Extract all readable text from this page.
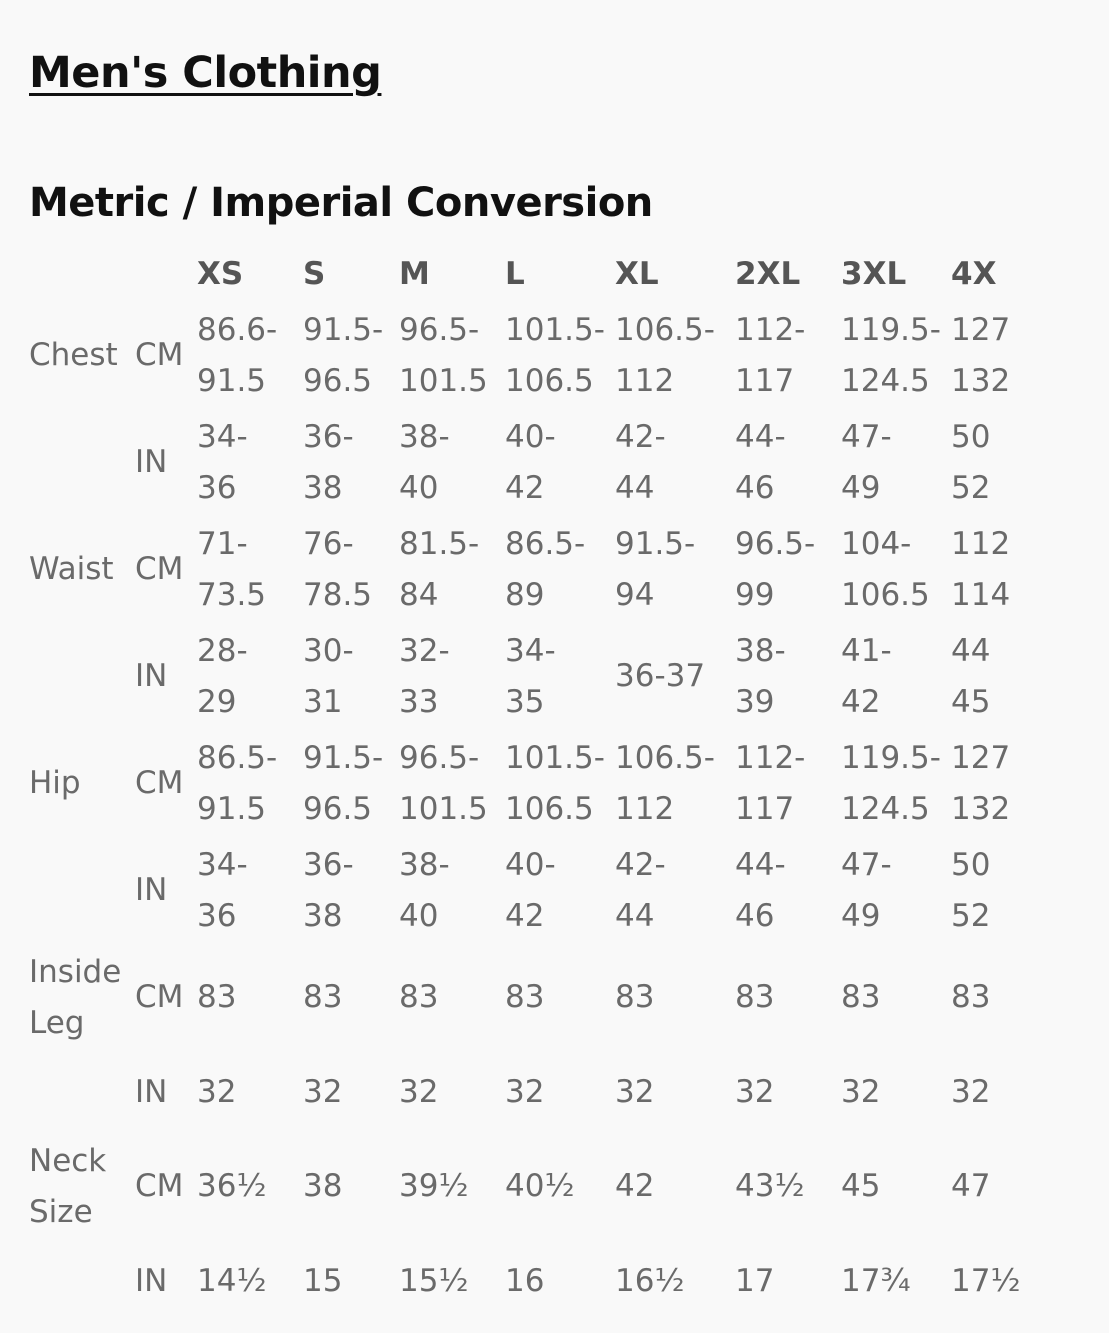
Men's Clothing
Metric / Imperial Conversion
		XS	S	M	L	XL	2XL	3XL	4X
Chest	CM	86.6- 91.5	91.5- 96.5	96.5- 101.5	101.5- 106.5	106.5- 112	112- 117	119.5- 124.5	127 132
	IN	34- 36	36- 38	38- 40	40- 42	42- 44	44- 46	47- 49	50 52
Waist	CM	71- 73.5	76- 78.5	81.5- 84	86.5- 89	91.5- 94	96.5- 99	104- 106.5	112 114
	IN	28- 29	30- 31	32- 33	34- 35	36-37	38- 39	41- 42	44 45
Hip	CM	86.5- 91.5	91.5- 96.5	96.5- 101.5	101.5- 106.5	106.5- 112	112- 117	119.5- 124.5	127 132
	IN	34- 36	36- 38	38- 40	40- 42	42- 44	44- 46	47- 49	50 52
Inside Leg	CM	83	83	83	83	83	83	83	83
	IN	32	32	32	32	32	32	32	32
Neck Size	CM	36½	38	39½	40½	42	43½	45	47
	IN	14½	15	15½	16	16½	17	17¾	17½
